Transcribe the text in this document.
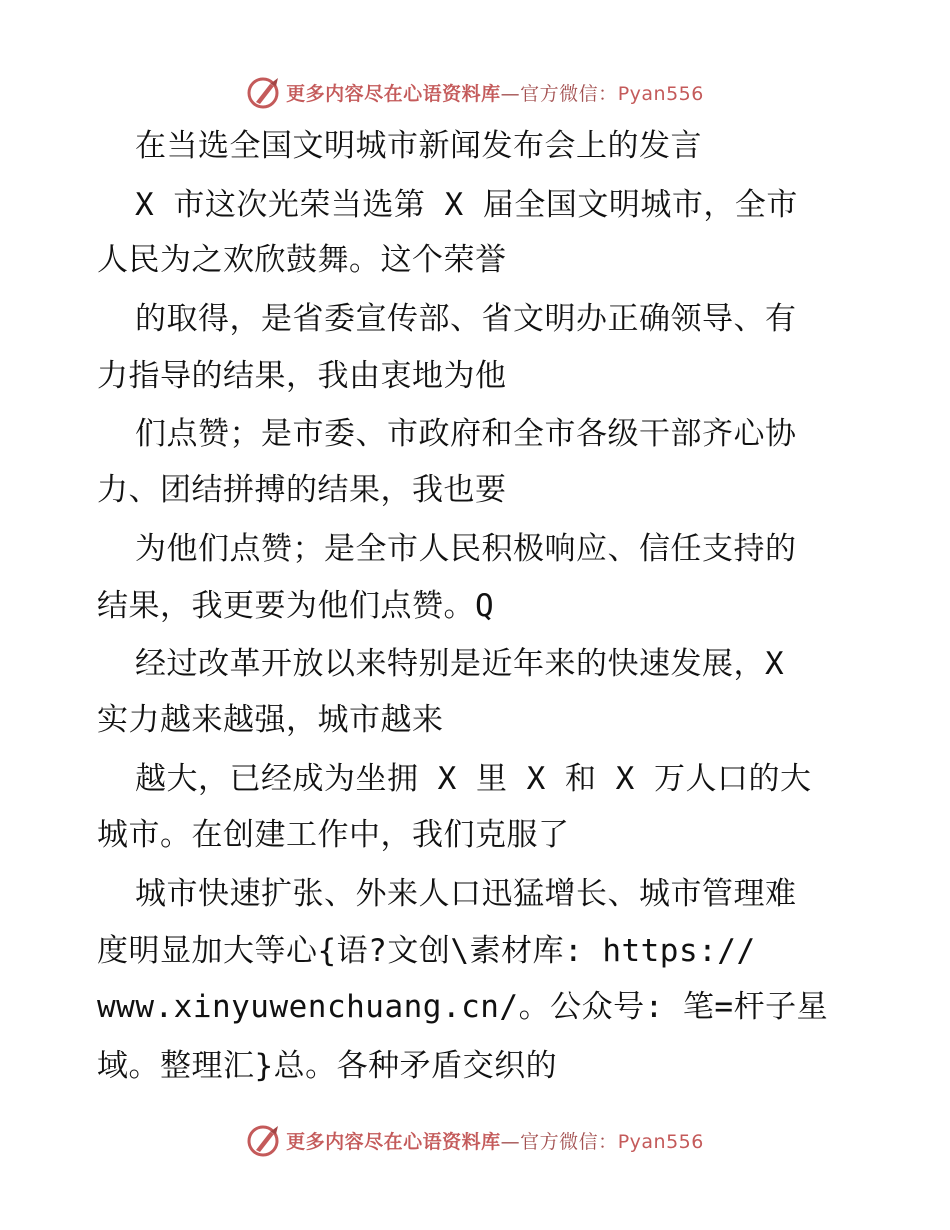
更多内容尽在心语资料库—官方微信：Pyan556
在当选全国文明城市新闻发布会上的发言
X 市这次光荣当选第 X 届全国文明城市，全市
人民为之欢欣鼓舞。这个荣誉
的取得，是省委宣传部、省文明办正确领导、有
力指导的结果，我由衷地为他
们点赞；是市委、市政府和全市各级干部齐心协
力、团结拼搏的结果，我也要
为他们点赞；是全市人民积极响应、信任支持的
结果，我更要为他们点赞。Q
经过改革开放以来特别是近年来的快速发展，X
实力越来越强，城市越来
越大，已经成为坐拥 X 里 X 和 X 万人口的大
城市。在创建工作中，我们克服了
城市快速扩张、外来人口迅猛增长、城市管理难
度明显加大等心{语?文创\素材库: https://
www.xinyuwenchuang.cn/。公众号: 笔=杆子星
域。整理汇}总。各种矛盾交织的
更多内容尽在心语资料库—官方微信：Pyan556
